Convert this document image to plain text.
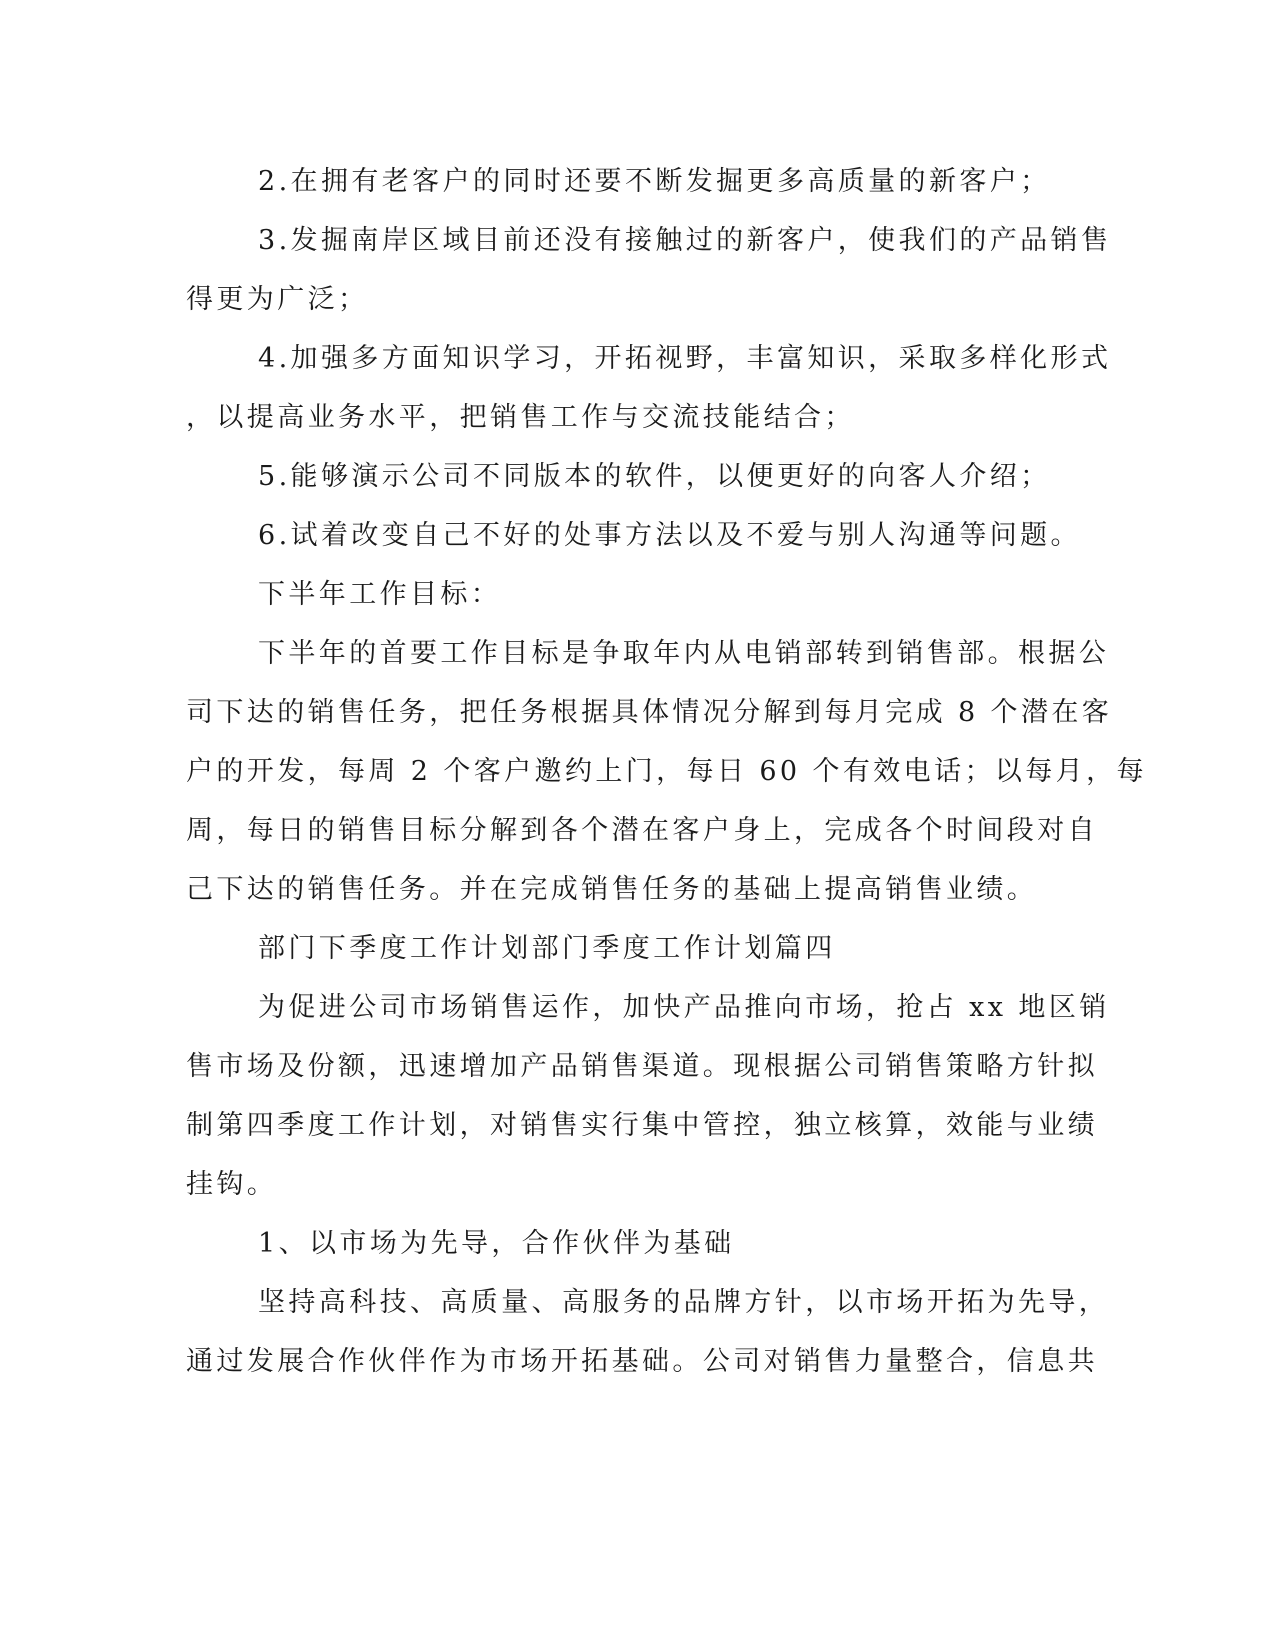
2.在拥有老客户的同时还要不断发掘更多高质量的新客户；
3.发掘南岸区域目前还没有接触过的新客户，使我们的产品销售
得更为广泛；
4.加强多方面知识学习，开拓视野，丰富知识，采取多样化形式
，以提高业务水平，把销售工作与交流技能结合；
5.能够演示公司不同版本的软件，以便更好的向客人介绍；
6.试着改变自己不好的处事方法以及不爱与别人沟通等问题。
下半年工作目标：
下半年的首要工作目标是争取年内从电销部转到销售部。根据公
司下达的销售任务，把任务根据具体情况分解到每月完成 8 个潜在客
户的开发，每周 2 个客户邀约上门，每日 60 个有效电话；以每月，每
周，每日的销售目标分解到各个潜在客户身上，完成各个时间段对自
己下达的销售任务。并在完成销售任务的基础上提高销售业绩。
部门下季度工作计划部门季度工作计划篇四
为促进公司市场销售运作，加快产品推向市场，抢占 xx 地区销
售市场及份额，迅速增加产品销售渠道。现根据公司销售策略方针拟
制第四季度工作计划，对销售实行集中管控，独立核算，效能与业绩
挂钩。
1、以市场为先导，合作伙伴为基础
坚持高科技、高质量、高服务的品牌方针，以市场开拓为先导，
通过发展合作伙伴作为市场开拓基础。公司对销售力量整合，信息共
